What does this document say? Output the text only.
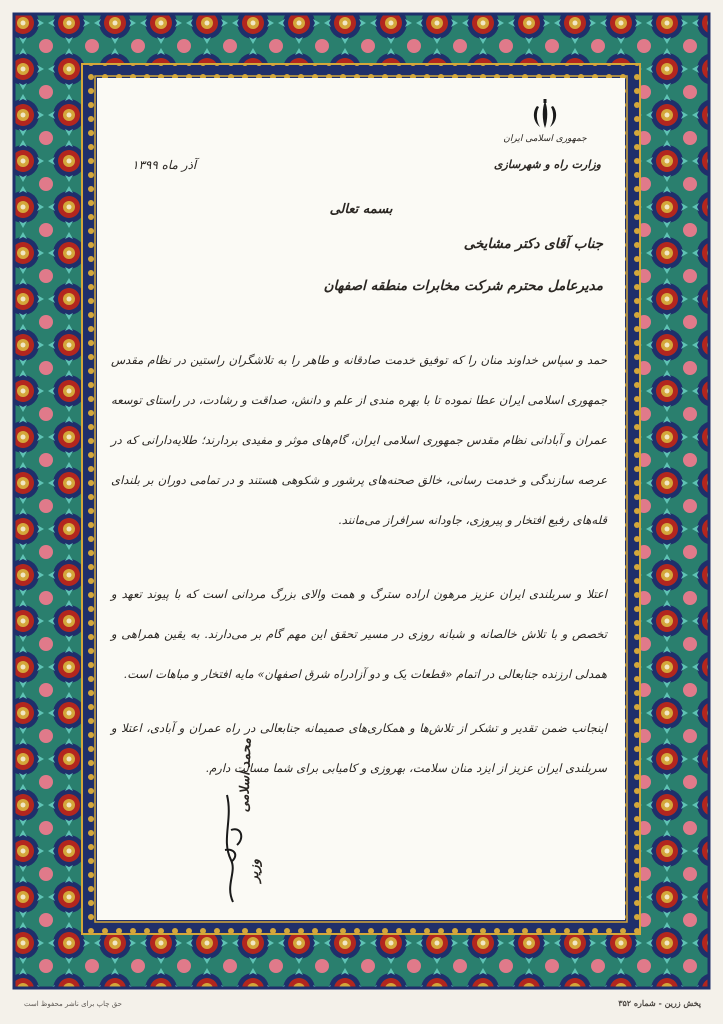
جمهوری اسلامی ایران
وزارت راه و شهرسازی
آذر ماه ۱۳۹۹
بسمه تعالی
جناب آقای دکتر مشایخی
مدیرعامل محترم شرکت مخابرات منطقه اصفهان

حمد و سپاس خداوند منان را که توفیق خدمت صادقانه و طاهر را به تلاشگران راستین در نظام مقدس جمهوری اسلامی ایران عطا نموده تا با بهره مندی از علم و دانش، صداقت و رشادت، در راستای توسعه عمران و آبادانی نظام مقدس جمهوری اسلامی ایران، گام‌های موثر و مفیدی بردارند؛ طلایه‌دارانی که در عرصه سازندگی و خدمت رسانی، خالق صحنه‌های پرشور و شکوهی هستند و در تمامی دوران بر بلندای قله‌های رفیع افتخار و پیروزی، جاودانه سرافراز می‌مانند.

اعتلا و سربلندی ایران عزیز مرهون اراده سترگ و همت والای بزرگ مردانی است که با پیوند تعهد و تخصص و با تلاش خالصانه و شبانه روزی در مسیر تحقق این مهم گام بر می‌دارند. به یقین همراهی و همدلی ارزنده جنابعالی در اتمام «قطعات یک و دو آزادراه شرق اصفهان» مایه افتخار و مباهات است.

اینجانب ضمن تقدیر و تشکر از تلاش‌ها و همکاری‌های صمیمانه جنابعالی در راه عمران و آبادی، اعتلا و سربلندی ایران عزیز از ایزد منان سلامت، بهروزی و کامیابی برای شما مسالت دارم.

محمد اسلامی
وزیر
حق چاپ برای ناشر محفوظ است	پخش زرین - شماره ۳۵۲
